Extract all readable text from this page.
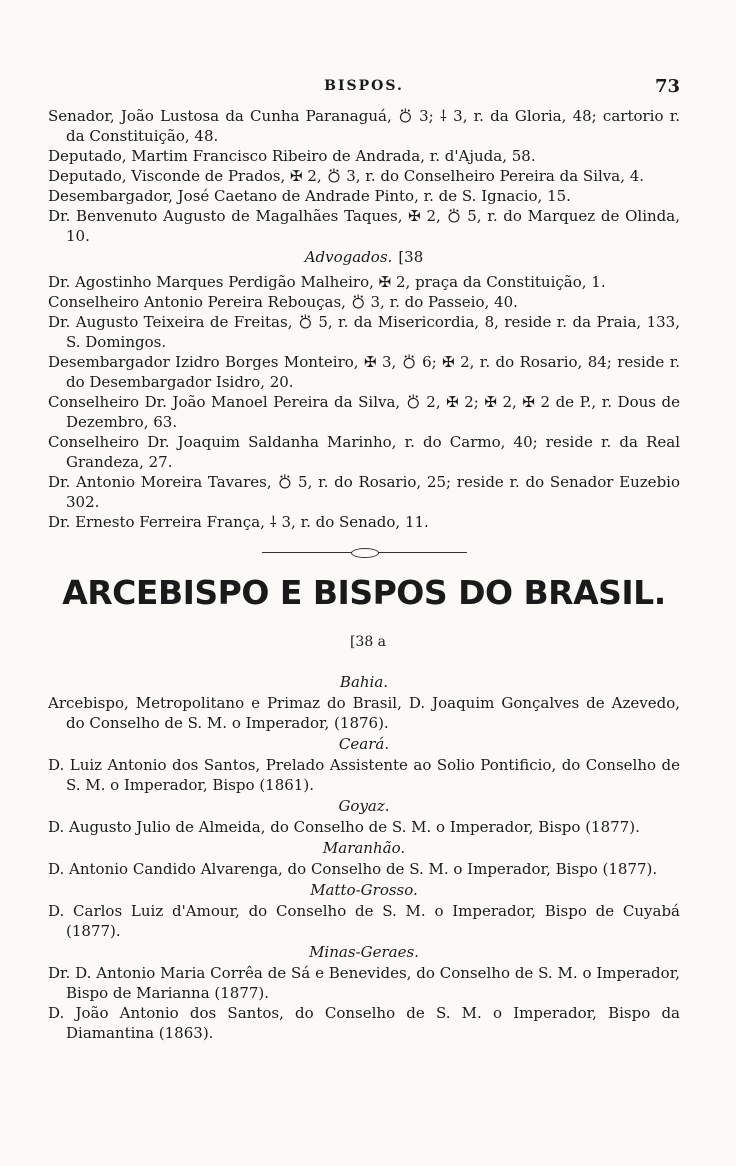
BISPOS.	73

Senador, João Lustosa da Cunha Paranaguá, ⛣ 3; ⸸ 3, r. da Gloria, 48; cartorio r. da Constituição, 48.

Deputado, Martim Francisco Ribeiro de Andrada, r. d'Ajuda, 58.

Deputado, Visconde de Prados, ✠ 2, ⛣ 3, r. do Conselheiro Pereira da Silva, 4.

Desembargador, José Caetano de Andrade Pinto, r. de S. Ignacio, 15.

Dr. Benvenuto Augusto de Magalhães Taques, ✠ 2, ⛣ 5, r. do Marquez de Olinda, 10.

Advogados. [38

Dr. Agostinho Marques Perdigão Malheiro, ✠ 2, praça da Constituição, 1.

Conselheiro Antonio Pereira Rebouças, ⛣ 3, r. do Passeio, 40.

Dr. Augusto Teixeira de Freitas, ⛣ 5, r. da Misericordia, 8, reside r. da Praia, 133, S. Domingos.

Desembargador Izidro Borges Monteiro, ✠ 3, ⛣ 6; ✠ 2, r. do Rosario, 84; reside r. do Desembargador Isidro, 20.

Conselheiro Dr. João Manoel Pereira da Silva, ⛣ 2, ✠ 2; ✠ 2, ✠ 2 de P., r. Dous de Dezembro, 63.

Conselheiro Dr. Joaquim Saldanha Marinho, r. do Carmo, 40; reside r. da Real Grandeza, 27.

Dr. Antonio Moreira Tavares, ⛣ 5, r. do Rosario, 25; reside r. do Senador Euzebio 302.

Dr. Ernesto Ferreira França, ⸸ 3, r. do Senado, 11.

ARCEBISPO E BISPOS DO BRASIL.[38 a
Bahia.

Arcebispo, Metropolitano e Primaz do Brasil, D. Joaquim Gonçalves de Azevedo, do Conselho de S. M. o Imperador, (1876).

Ceará.

D. Luiz Antonio dos Santos, Prelado Assistente ao Solio Pontificio, do Conselho de S. M. o Imperador, Bispo (1861).

Goyaz.

D. Augusto Julio de Almeida, do Conselho de S. M. o Imperador, Bispo (1877).

Maranhão.

D. Antonio Candido Alvarenga, do Conselho de S. M. o Imperador, Bispo (1877).

Matto-Grosso.

D. Carlos Luiz d'Amour, do Conselho de S. M. o Imperador, Bispo de Cuyabá (1877).

Minas-Geraes.

Dr. D. Antonio Maria Corrêa de Sá e Benevides, do Conselho de S. M. o Imperador, Bispo de Marianna (1877).

D. João Antonio dos Santos, do Conselho de S. M. o Imperador, Bispo da Diamantina (1863).
